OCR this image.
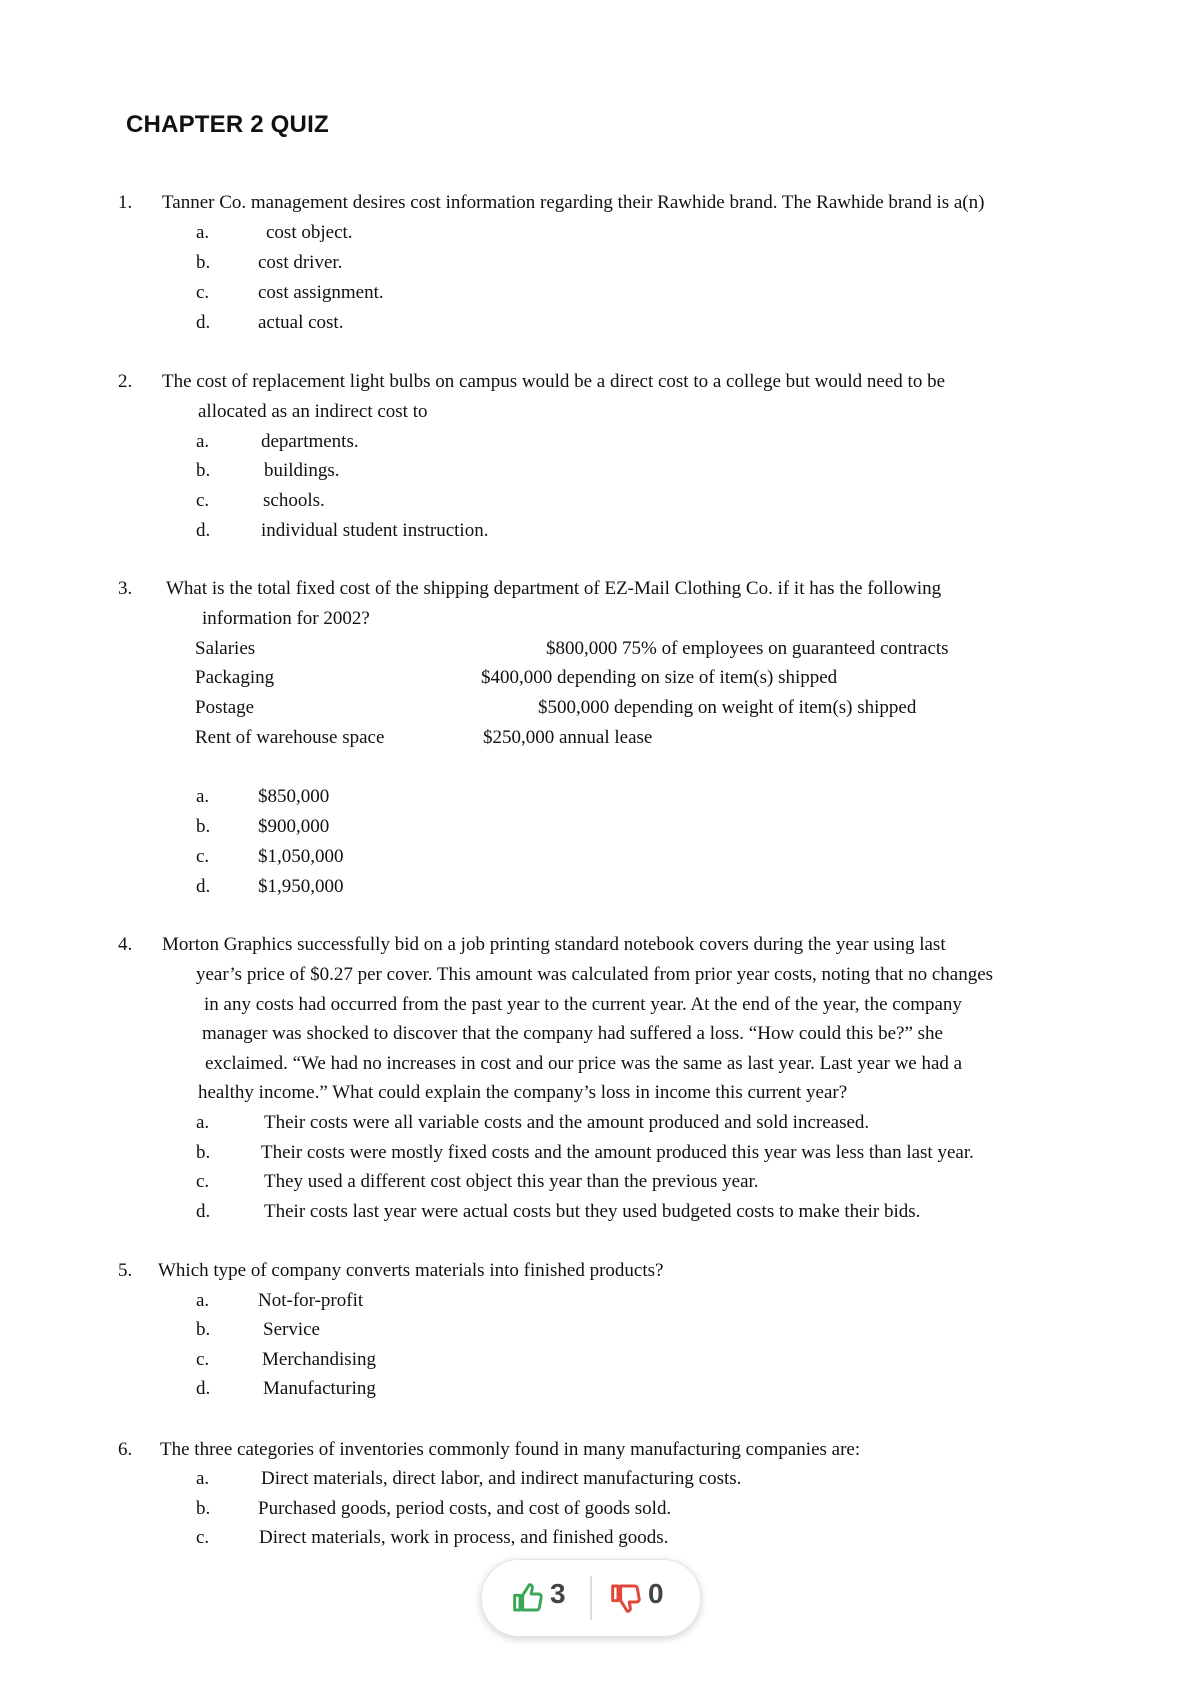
CHAPTER 2 QUIZ
1. Tanner Co. management desires cost information regarding their Rawhide brand. The Rawhide brand is a(n)
a.	cost object.
b.	cost driver.
c.	cost assignment.
d.	actual cost.
2. The cost of replacement light bulbs on campus would be a direct cost to a college but would need to be
allocated as an indirect cost to
a.	departments.
b.	buildings.
c.	schools.
d.	individual student instruction.
3. What is the total fixed cost of the shipping department of EZ-Mail Clothing Co. if it has the following
information for 2002?
Salaries	$800,000 75% of employees on guaranteed contracts
Packaging	$400,000 depending on size of item(s) shipped
Postage	$500,000 depending on weight of item(s) shipped
Rent of warehouse space	$250,000 annual lease
a.	$850,000
b.	$900,000
c.	$1,050,000
d.	$1,950,000
4. Morton Graphics successfully bid on a job printing standard notebook covers during the year using last
year’s price of $0.27 per cover. This amount was calculated from prior year costs, noting that no changes
in any costs had occurred from the past year to the current year. At the end of the year, the company
manager was shocked to discover that the company had suffered a loss. “How could this be?” she
exclaimed. “We had no increases in cost and our price was the same as last year. Last year we had a
healthy income.” What could explain the company’s loss in income this current year?
a.	Their costs were all variable costs and the amount produced and sold increased.
b.	Their costs were mostly fixed costs and the amount produced this year was less than last year.
c.	They used a different cost object this year than the previous year.
d.	Their costs last year were actual costs but they used budgeted costs to make their bids.
5. Which type of company converts materials into finished products?
a.	Not-for-profit
b.	Service
c.	Merchandising
d.	Manufacturing
6. The three categories of inventories commonly found in many manufacturing companies are:
a.	Direct materials, direct labor, and indirect manufacturing costs.
b.	Purchased goods, period costs, and cost of goods sold.
c.	Direct materials, work in process, and finished goods.
3	0
